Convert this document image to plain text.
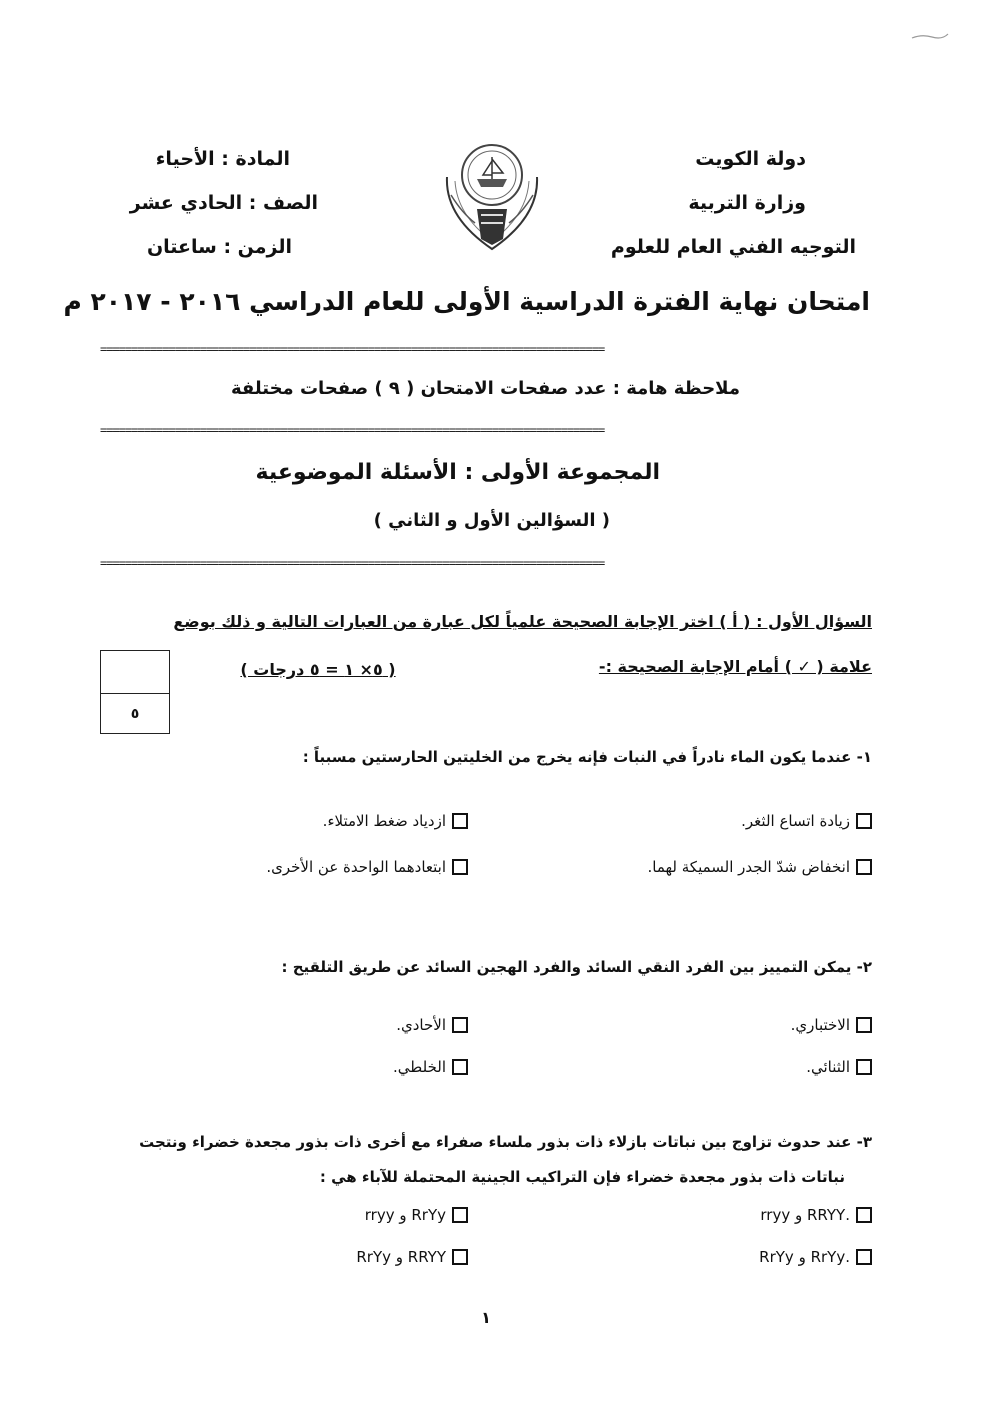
دولة الكويت
وزارة التربية
التوجيه الفني العام للعلوم
المادة : الأحياء
الصف : الحادي عشر
الزمن : ساعتان
امتحان نهاية الفترة الدراسية الأولى للعام الدراسي ٢٠١٦ - ٢٠١٧ م
=================================================================================
ملاحظة هامة : عدد صفحات الامتحان ( ٩ ) صفحات مختلفة
=================================================================================
المجموعة الأولى : الأسئلة الموضوعية
( السؤالين الأول و الثاني )
=================================================================================
السؤال الأول : ( أ ) اختر الإجابة الصحيحة علمياً لكل عبارة من العبارات التالية و ذلك بوضع
علامة ( ✓ ) أمام الإجابة الصحيحة :-
( ٥× ١ = ٥ درجات )
٥
١- عندما يكون الماء نادراً في النبات فإنه يخرج من الخليتين الحارستين مسبباً :
زيادة اتساع الثغر.
ازدياد ضغط الامتلاء.
انخفاض شدّ الجدر السميكة لهما.
ابتعادهما الواحدة عن الأخرى.
٢- يمكن التمييز بين الفرد النقي السائد والفرد الهجين السائد عن طريق التلقيح :
الاختباري.
الأحادي.
الثنائي.
الخلطي.
٣- عند حدوث تزاوج بين نباتات بازلاء ذات بذور ملساء صفراء مع أخرى ذات بذور مجعدة خضراء ونتجت
نباتات ذات بذور مجعدة خضراء فإن التراكيب الجينية المحتملة للآباء هي :
.RRYY و rryy
RrYy و rryy
.RrYy و RrYy
RRYY و RrYy
١
